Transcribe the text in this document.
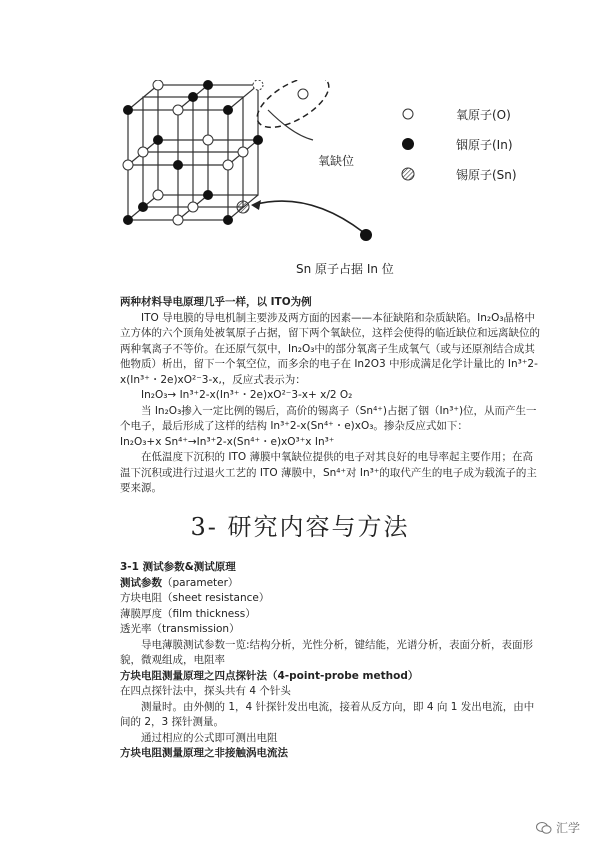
氧缺位
Sn 原子占据 In 位
氧原子(O)
铟原子(In)
锡原子(Sn)

两种材料导电原理几乎一样，以 ITO为例

ITO 导电膜的导电机制主要涉及两方面的因素——本征缺陷和杂质缺陷。In₂O₃晶格中立方体的六个顶角处被氧原子占据，留下两个氧缺位，这样会使得的临近缺位和远离缺位的两种氧离子不等价。在还原气氛中，In₂O₃中的部分氧离子生成氧气（或与还原剂结合成其他物质）析出，留下一个氧空位，而多余的电子在 In2O3 中形成满足化学计量比的 In³⁺2-x(In³⁺・2e)xO²⁻3-x,，反应式表示为：

In₂O₃→ In³⁺2-x(In³⁺・2e)xO²⁻3-x+ x/2 O₂

当 In₂O₃掺入一定比例的锡后，高价的锡离子（Sn⁴⁺)占据了铟（In³⁺)位，从而产生一个电子，最后形成了这样的结构 In³⁺2-x(Sn⁴⁺・e)xO₃。掺杂反应式如下：

In₂O₃+x Sn⁴⁺→In³⁺2-x(Sn⁴⁺・e)xO³⁺x In³⁺

在低温度下沉积的 ITO 薄膜中氧缺位提供的电子对其良好的电导率起主要作用；在高温下沉积或进行过退火工艺的 ITO 薄膜中，Sn⁴⁺对 In³⁺的取代产生的电子成为载流子的主要来源。

3- 研究内容与方法

3-1 测试参数&测试原理

测试参数（parameter）

方块电阻（sheet resistance）

薄膜厚度（film thickness）

透光率（transmission）

导电薄膜测试参数一览:结构分析，光性分析，键结能，光谱分析，表面分析，表面形貌，微观组成，电阻率

方块电阻测量原理之四点探针法（4-point-probe method）

在四点探针法中，探头共有 4 个针头

测量时。由外侧的 1，4 针探针发出电流，接着从反方向，即 4 向 1 发出电流，由中间的 2，3 探针测量。

通过相应的公式即可测出电阻

方块电阻测量原理之非接触涡电流法

汇学
